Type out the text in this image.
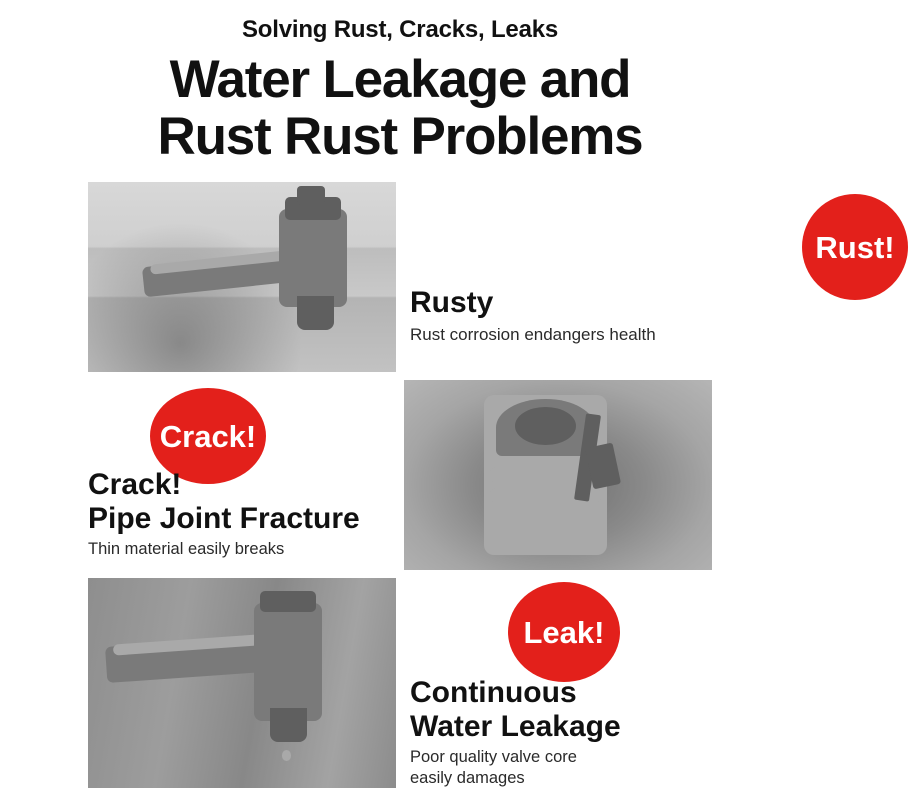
Solving Rust, Cracks, Leaks
Water Leakage and
Rust Rust Problems
Rust!
Rusty
Rust corrosion endangers health
Crack!
Crack!
Pipe Joint Fracture
Thin material easily breaks
Leak!
Continuous
Water Leakage
Poor quality valve core
easily damages
